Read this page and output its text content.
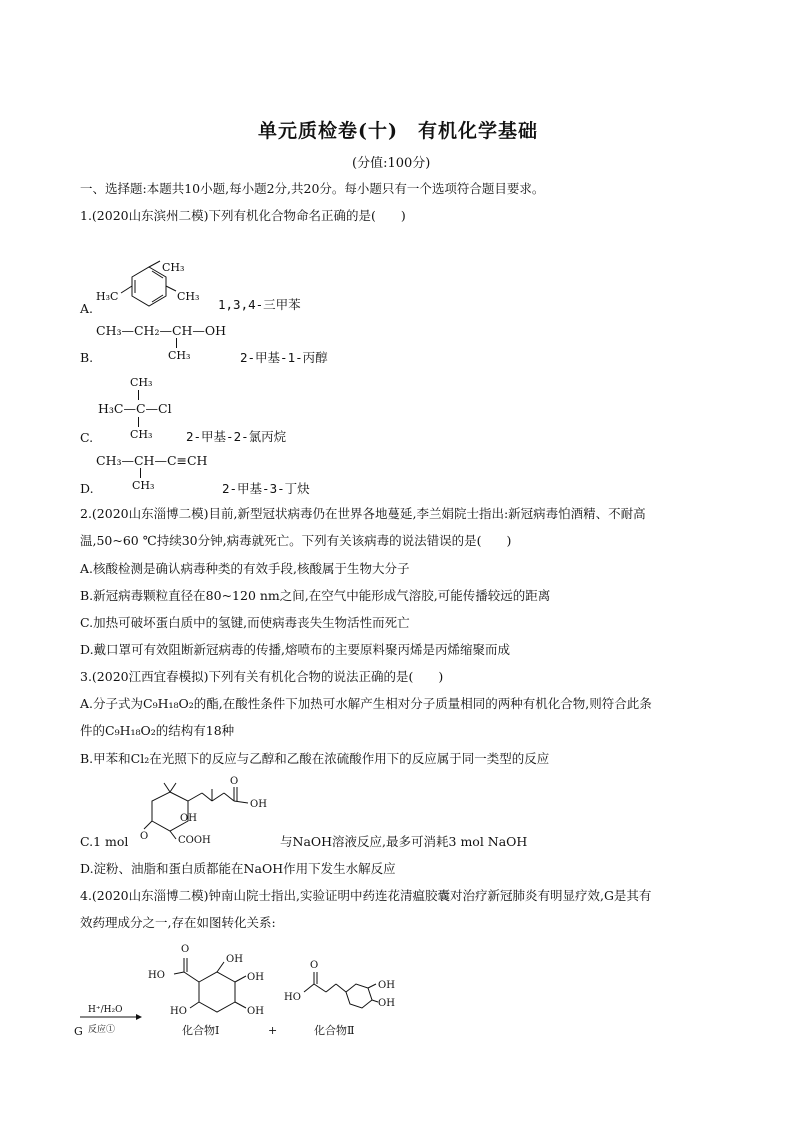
单元质检卷(十)　有机化学基础
(分值:100分)
一、选择题:本题共10小题,每小题2分,共20分。每小题只有一个选项符合题目要求。
1.(2020山东滨州二模)下列有机化合物命名正确的是(　　)
CH₃
CH₃
H₃C
A.	1,3,4-三甲苯
CH₃—CH₂—CH—OH
CH₃
B.	2-甲基-1-丙醇
CH₃
H₃C—C—Cl
CH₃
C.	2-甲基-2-氯丙烷
CH₃—CH—C≡CH
CH₃
D.	2-甲基-3-丁炔
2.(2020山东淄博二模)目前,新型冠状病毒仍在世界各地蔓延,李兰娟院士指出:新冠病毒怕酒精、不耐高
温,50~60 ℃持续30分钟,病毒就死亡。下列有关该病毒的说法错误的是(　　)
A.核酸检测是确认病毒种类的有效手段,核酸属于生物大分子
B.新冠病毒颗粒直径在80~120 nm之间,在空气中能形成气溶胶,可能传播较远的距离
C.加热可破坏蛋白质中的氢键,而使病毒丧失生物活性而死亡
D.戴口罩可有效阻断新冠病毒的传播,熔喷布的主要原料聚丙烯是丙烯缩聚而成
3.(2020江西宜春模拟)下列有关有机化合物的说法正确的是(　　)
A.分子式为C₉H₁₈O₂的酯,在酸性条件下加热可水解产生相对分子质量相同的两种有机化合物,则符合此条
件的C₉H₁₈O₂的结构有18种
B.甲苯和Cl₂在光照下的反应与乙醇和乙酸在浓硫酸作用下的反应属于同一类型的反应
O
OH
OH
O	COOH
C.1 mol	与NaOH溶液反应,最多可消耗3 mol NaOH
D.淀粉、油脂和蛋白质都能在NaOH作用下发生水解反应
4.(2020山东淄博二模)钟南山院士指出,实验证明中药连花清瘟胶囊对治疗新冠肺炎有明显疗效,G是其有
效药理成分之一,存在如图转化关系:
O
HO
HO
OH
OH
OH
H⁺/H₂O
反应①
G	化合物Ⅰ	+
O
HO
OH
OH
化合物Ⅱ
